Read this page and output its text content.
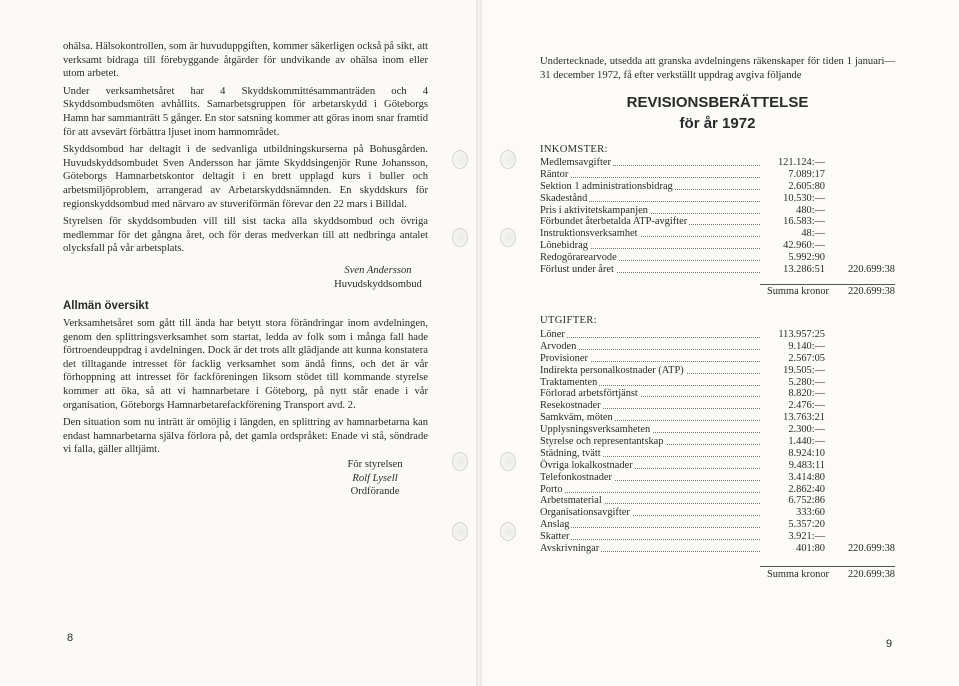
ohälsa. Hälsokontrollen, som är huvuduppgiften, kommer säkerligen också på sikt, att verksamt bidraga till förebyggande åtgärder för undvikande av ohälsa inom eller utom arbetet.

Under verksamhetsåret har 4 Skyddskommittésammanträden och 4 Skyddsombudsmöten avhållits. Samarbetsgruppen för arbetarskydd i Göteborgs Hamn har sammanträtt 5 gånger. En stor satsning kommer att göras inom snar framtid för att avsevärt förbättra ljuset inom hamnområdet.

Skyddsombud har deltagit i de sedvanliga utbildningskurserna på Bohusgården. Huvudskyddsombudet Sven Andersson har jämte Skyddsingenjör Rune Johansson, Göteborgs Hamnarbetskontor deltagit i en brett upplagd kurs i buller och arbetsmiljöproblem, arrangerad av Arbetarskyddsnämnden. En skyddskurs för regionskyddsombud med närvaro av stuveriförmän förevar den 22 mars i Billdal.

Styrelsen för skyddsombuden vill till sist tacka alla skyddsombud och övriga medlemmar för det gångna året, och för deras medverkan till att nedbringa antalet olycksfall på vår arbetsplats.

Sven Andersson
Huvudskyddsombud
Allmän översikt

Verksamhetsåret som gått till ända har betytt stora förändringar inom avdelningen, genom den splittringsverksamhet som startat, ledda av folk som i många fall hade förtroendeuppdrag i avdelningen. Dock är det trots allt glädjande att kunna konstatera det tilltagande intresset för facklig verksamhet som ändå finns, och det är vår förhoppning att intresset för fackföreningen liksom stödet till kommande styrelse kommer att öka, så att vi hamnarbetare i Göteborg, på nytt står enade i vår organisation, Göteborgs Hamnarbetarefackförening Transport avd. 2.

Den situation som nu inträtt är omöjlig i längden, en splittring av hamnarbetarna kan endast hamnarbetarna själva förlora på, det gamla ordspråket: Enade vi stå, söndrade vi falla, gäller alltjämt.

För styrelsen
Rolf Lysell
Ordförande
8
Undertecknade, utsedda att granska avdelningens räkenskaper för tiden 1 januari—31 december 1972, få efter verkställt uppdrag avgiva följande
REVISIONSBERÄTTELSE
för år 1972
INKOMSTER:
Medlemsavgifter	121.124:—
Räntor	7.089:17
Sektion 1 administrationsbidrag	2.605:80
Skadestånd	10.530:—
Pris i aktivitetskampanjen	480:—
Förbundet återbetalda ATP-avgifter	16.583:—
Instruktionsverksamhet	48:—
Lönebidrag	42.960:—
Redogörarearvode	5.992:90
Förlust under året	13.286:51	220.699:38
Summa kronor	220.699:38
UTGIFTER:
Löner	113.957:25
Arvoden	9.140:—
Provisioner	2.567:05
Indirekta personalkostnader (ATP)	19.505:—
Traktamenten	5.280:—
Förlorad arbetsförtjänst	8.820:—
Resekostnader	2.476:—
Samkväm, möten	13.763:21
Upplysningsverksamheten	2.300:—
Styrelse och representantskap	1.440:—
Städning, tvätt	8.924:10
Övriga lokalkostnader	9.483:11
Telefonkostnader	3.414:80
Porto	2.862:40
Arbetsmaterial	6.752:86
Organisationsavgifter	333:60
Anslag	5.357:20
Skatter	3.921:—
Avskrivningar	401:80	220.699:38
Summa kronor	220.699:38
9
